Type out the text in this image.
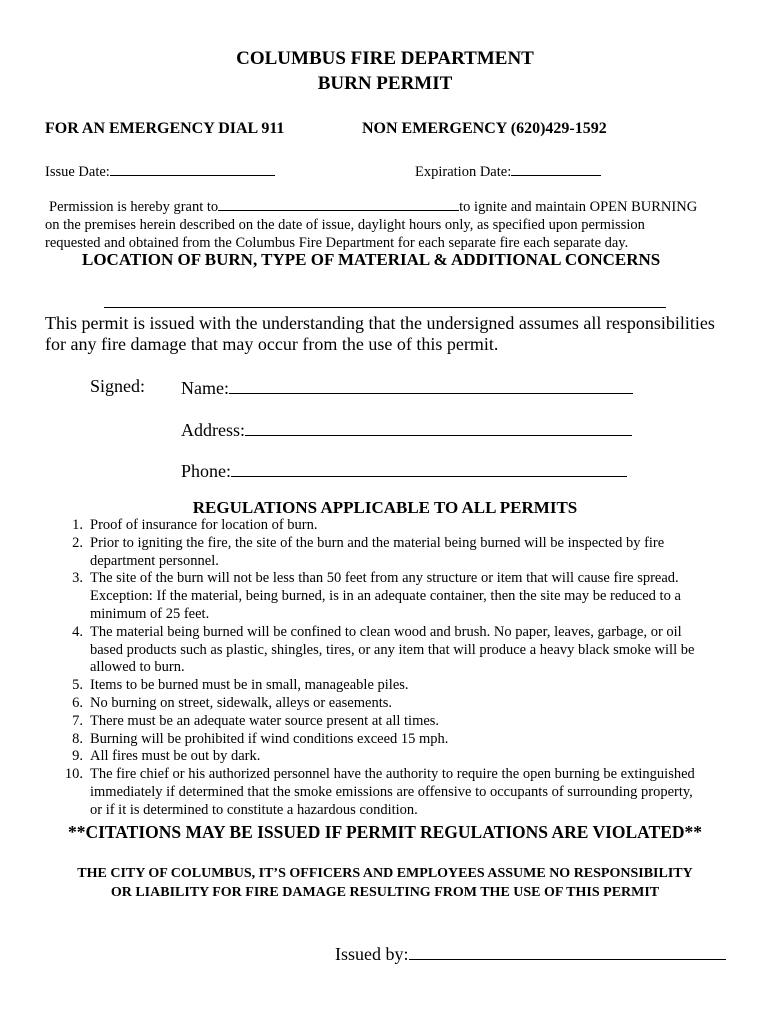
COLUMBUS FIRE DEPARTMENT
BURN PERMIT
FOR AN EMERGENCY DIAL 911	NON EMERGENCY (620)429-1592
Issue Date:	Expiration Date:
Permission is hereby grant to	to ignite and maintain OPEN BURNING
on the premises herein described on the date of issue, daylight hours only, as specified upon permission
requested and obtained from the Columbus Fire Department for each separate fire each separate day.
LOCATION OF BURN, TYPE OF MATERIAL & ADDITIONAL CONCERNS
This permit is issued with the understanding that the undersigned assumes all responsibilities
for any fire damage that may occur from the use of this permit.
Signed: Name:
Address:
Phone:
REGULATIONS APPLICABLE TO ALL PERMITS
1. Proof of insurance for location of burn.
2. Prior to igniting the fire, the site of the burn and the material being burned will be inspected by fire
department personnel.
3. The site of the burn will not be less than 50 feet from any structure or item that will cause fire spread.
Exception: If the material, being burned, is in an adequate container, then the site may be reduced to a
minimum of 25 feet.
4. The material being burned will be confined to clean wood and brush. No paper, leaves, garbage, or oil
based products such as plastic, shingles, tires, or any item that will produce a heavy black smoke will be
allowed to burn.
5. Items to be burned must be in small, manageable piles.
6. No burning on street, sidewalk, alleys or easements.
7. There must be an adequate water source present at all times.
8. Burning will be prohibited if wind conditions exceed 15 mph.
9. All fires must be out by dark.
10. The fire chief or his authorized personnel have the authority to require the open burning be extinguished
immediately if determined that the smoke emissions are offensive to occupants of surrounding property,
or if it is determined to constitute a hazardous condition.
**CITATIONS MAY BE ISSUED IF PERMIT REGULATIONS ARE VIOLATED**
THE CITY OF COLUMBUS, IT’S OFFICERS AND EMPLOYEES ASSUME NO RESPONSIBILITY
OR LIABILITY FOR FIRE DAMAGE RESULTING FROM THE USE OF THIS PERMIT
Issued by:
